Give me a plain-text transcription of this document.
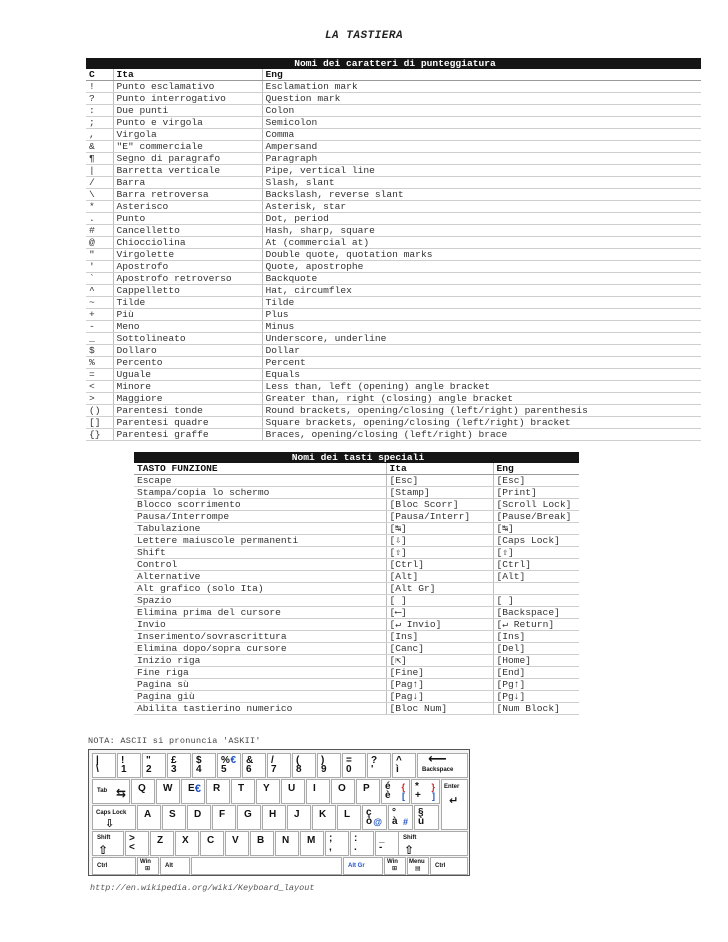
LA TASTIERA
Nomi dei caratteri di punteggiatura		
C	Ita	Eng
!	Punto esclamativo	Esclamation mark
?	Punto interrogativo	Question mark
:	Due punti	Colon
;	Punto e virgola	Semicolon
,	Virgola	Comma
&	"E" commerciale	Ampersand
¶	Segno di paragrafo	Paragraph
|	Barretta verticale	Pipe, vertical line
/	Barra	Slash, slant
\	Barra retroversa	Backslash, reverse slant
*	Asterisco	Asterisk, star
.	Punto	Dot, period
#	Cancelletto	Hash, sharp, square
@	Chiocciolina	At (commercial at)
"	Virgolette	Double quote, quotation marks
'	Apostrofo	Quote, apostrophe
`	Apostrofo retroverso	Backquote
^	Cappelletto	Hat, circumflex
~	Tilde	Tilde
+	Più	Plus
-	Meno	Minus
_	Sottolineato	Underscore, underline
$	Dollaro	Dollar
%	Percento	Percent
=	Uguale	Equals
<	Minore	Less than, left (opening) angle bracket
>	Maggiore	Greater than, right (closing) angle bracket
()	Parentesi tonde	Round brackets, opening/closing (left/right) parenthesis
[]	Parentesi quadre	Square brackets, opening/closing (left/right) bracket
{}	Parentesi graffe	Braces, opening/closing (left/right) brace
Nomi dei tasti speciali		
TASTO FUNZIONE	Ita	Eng
Escape	[Esc]	[Esc]
Stampa/copia lo schermo	[Stamp]	[Print]
Blocco scorrimento	[Bloc Scorr]	[Scroll Lock]
Pausa/Interrompe	[Pausa/Interr]	[Pause/Break]
Tabulazione	[↹]	[↹]
Lettere maiuscole permanenti	[⇩]	[Caps Lock]
Shift	[⇧]	[⇧]
Control	[Ctrl]	[Ctrl]
Alternative	[Alt]	[Alt]
Alt grafico (solo Ita)	[Alt Gr]	
Spazio	[ ]	[ ]
Elimina prima del cursore	[⟵]	[Backspace]
Invio	[↵ Invio]	[↵ Return]
Inserimento/sovrascrittura	[Ins]	[Ins]
Elimina dopo/sopra cursore	[Canc]	[Del]
Inizio riga	[⇱]	[Home]
Fine riga	[Fine]	[End]
Pagina sù	[Pag↑]	[Pg↑]
Pagina giù	[Pag↓]	[Pg↓]
Abilita tastierino numerico	[Bloc Num]	[Num Block]
NOTA: ASCII si pronuncia 'ASKII'
⟵
Backspace
Tab ⇆	Enter
↵
Caps Lock
⇩
Shift
⇧
Shift
⇧
Ctrl
Win
⊞ Alt	Alt Gr
Win
⊞
Menu
▤ Ctrl
|
\
!
1
"
2
£
3
$
4
%
5
€ &
6
/
7
(
8
)
9
=
0
?
'
^
ì
Q W E € R T Y U I O P é
è
{
[
*
+
}
]
A S D F G H J K L ç
ò @
°
à #
§
ù
>
<
Z X C V B N M ;
,
:
.
_
-
http://en.wikipedia.org/wiki/Keyboard_layout
